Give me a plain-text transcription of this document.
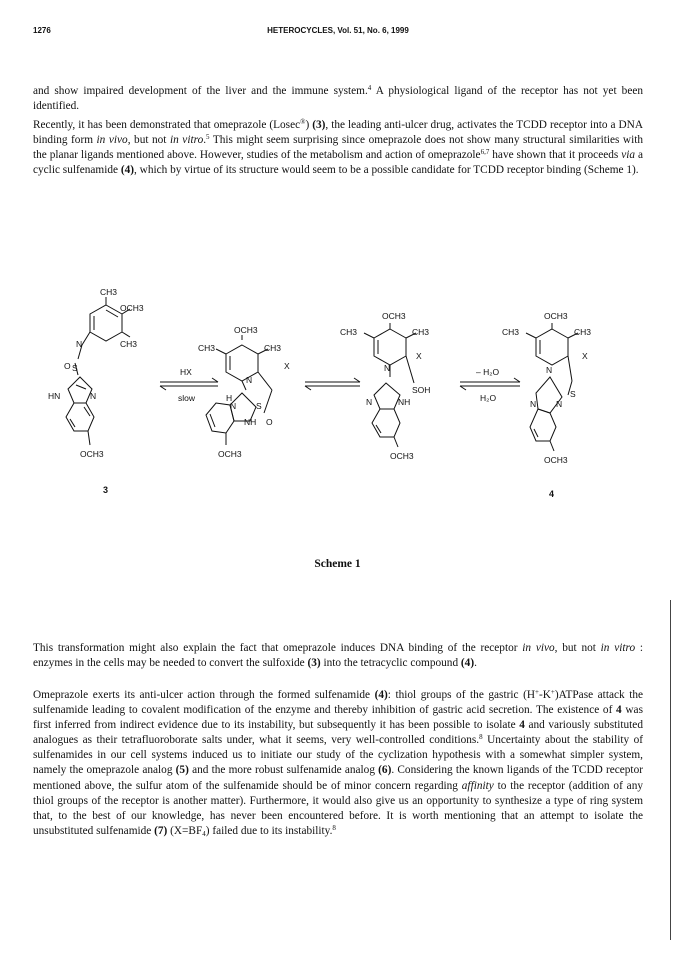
1276	HETEROCYCLES, Vol. 51, No. 6, 1999

and show impaired development of the liver and the immune system.$^4$ A physiological ligand of the receptor has not yet been identified.

Recently, it has been demonstrated that omeprazole (Losec®) (3), the leading anti-ulcer drug, activates the TCDD receptor into a DNA binding form in vivo, but not in vitro.$^5$ This might seem surprising since omeprazole does not show many structural similarities with the planar ligands mentioned above. However, studies of the metabolism and action of omeprazole$^{6,7}$ have shown that it proceeds via a cyclic sulfenamide (4), which by virtue of its structure would seem to be a possible candidate for TCDD receptor binding (Scheme 1).

CH3
OCH3
CH3
N
O S
HN	N
OCH3
3
HX
slow
OCH3
CH3	CH3
X
N
H
N S
NH O
OCH3
OCH3
CH3	CH3
X
N
SOH
N	NH
OCH3
– H₂O
H₂O
OCH3
CH3	CH3
X
N
S
N N
OCH3
4
Scheme 1

This transformation might also explain the fact that omeprazole induces DNA binding of the receptor in vivo, but not in vitro : enzymes in the cells may be needed to convert the sulfoxide (3) into the tetracyclic compound (4).

Omeprazole exerts its anti-ulcer action through the formed sulfenamide (4): thiol groups of the gastric (H+-K+)ATPase attack the sulfenamide leading to covalent modification of the enzyme and thereby inhibition of gastric acid secretion. The existence of 4 was first inferred from indirect evidence due to its instability, but subsequently it has been possible to isolate 4 and variously substituted analogues as their tetrafluoroborate salts under, what it seems, very well-controlled conditions.$^8$ Uncertainty about the stability of sulfenamides in our cell systems induced us to initiate our study of the cyclization hypothesis with a somewhat simpler system, namely the omeprazole analog (5) and the more robust sulfenamide analog (6). Considering the known ligands of the TCDD receptor mentioned above, the sulfur atom of the sulfenamide should be of minor concern regarding affinity to the receptor (addition of any thiol groups of the receptor is another matter). Furthermore, it would also give us an opportunity to synthesize a type of ring system that, to the best of our knowledge, has never been encountered before. It is worth mentioning that an attempt to isolate the unsubstituted sulfenamide (7) $(X=BF_4)$ failed due to its instability.$^8$
